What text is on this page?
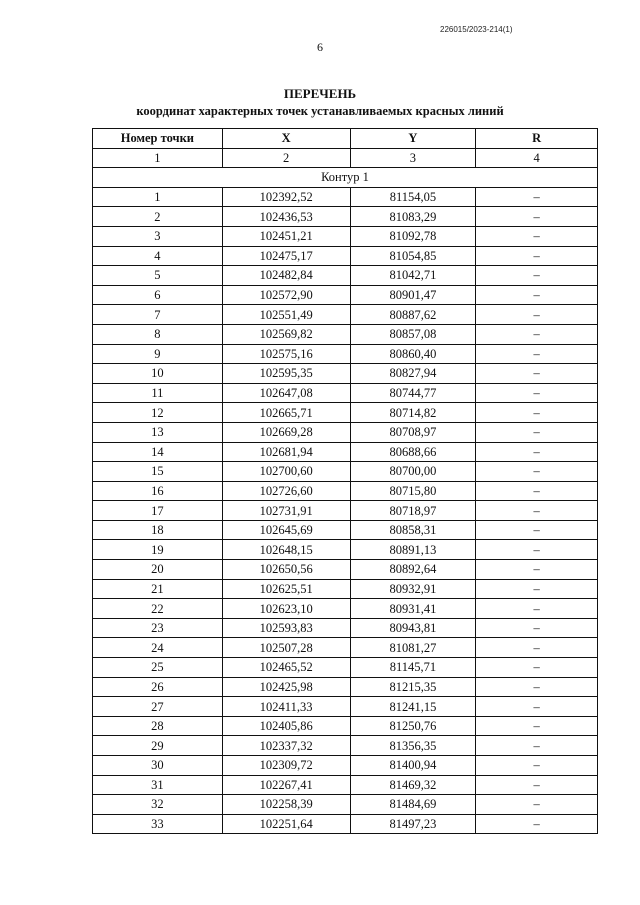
226015/2023-214(1)
6
ПЕРЕЧЕНЬ
координат характерных точек устанавливаемых красных линий
Номер точки	X	Y	R
1	2	3	4
Контур 1			
1	102392,52	81154,05	–
2	102436,53	81083,29	–
3	102451,21	81092,78	–
4	102475,17	81054,85	–
5	102482,84	81042,71	–
6	102572,90	80901,47	–
7	102551,49	80887,62	–
8	102569,82	80857,08	–
9	102575,16	80860,40	–
10	102595,35	80827,94	–
11	102647,08	80744,77	–
12	102665,71	80714,82	–
13	102669,28	80708,97	–
14	102681,94	80688,66	–
15	102700,60	80700,00	–
16	102726,60	80715,80	–
17	102731,91	80718,97	–
18	102645,69	80858,31	–
19	102648,15	80891,13	–
20	102650,56	80892,64	–
21	102625,51	80932,91	–
22	102623,10	80931,41	–
23	102593,83	80943,81	–
24	102507,28	81081,27	–
25	102465,52	81145,71	–
26	102425,98	81215,35	–
27	102411,33	81241,15	–
28	102405,86	81250,76	–
29	102337,32	81356,35	–
30	102309,72	81400,94	–
31	102267,41	81469,32	–
32	102258,39	81484,69	–
33	102251,64	81497,23	–
